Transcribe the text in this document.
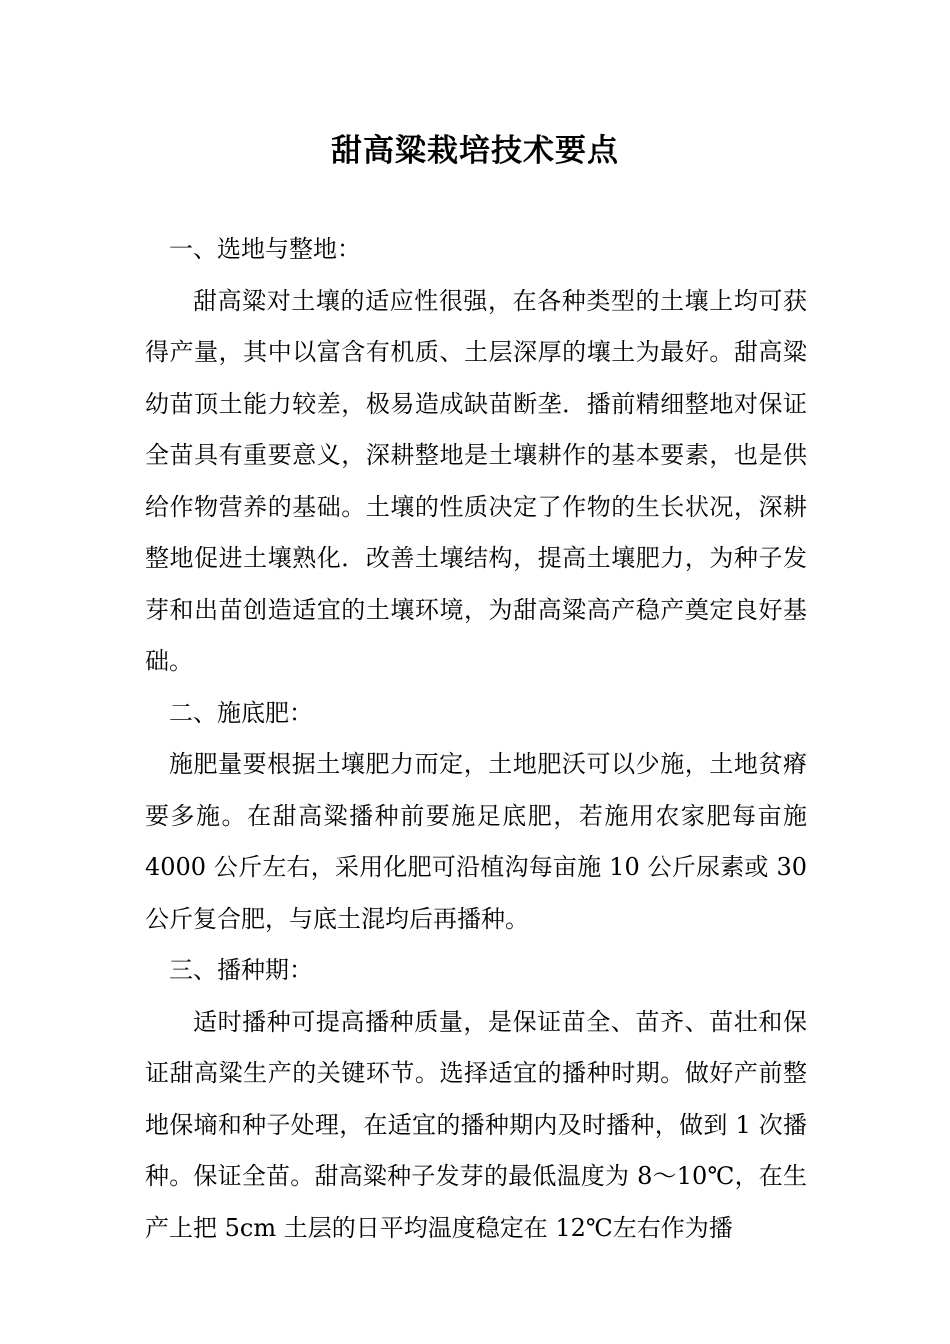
甜高粱栽培技术要点

一、选地与整地：

甜高粱对土壤的适应性很强，在各种类型的土壤上均可获得产量，其中以富含有机质、土层深厚的壤土为最好。甜高粱幼苗顶土能力较差，极易造成缺苗断垄．播前精细整地对保证全苗具有重要意义，深耕整地是土壤耕作的基本要素，也是供给作物营养的基础。土壤的性质决定了作物的生长状况，深耕整地促进土壤熟化．改善土壤结构，提高土壤肥力，为种子发芽和出苗创造适宜的土壤环境，为甜高粱高产稳产奠定良好基础。

二、施底肥：

施肥量要根据土壤肥力而定，土地肥沃可以少施，土地贫瘠要多施。在甜高粱播种前要施足底肥，若施用农家肥每亩施 4000 公斤左右，采用化肥可沿植沟每亩施 10 公斤尿素或 30 公斤复合肥，与底土混均后再播种。

三、播种期：

适时播种可提高播种质量，是保证苗全、苗齐、苗壮和保证甜高粱生产的关键环节。选择适宜的播种时期。做好产前整地保墒和种子处理，在适宜的播种期内及时播种，做到 1 次播种。保证全苗。甜高粱种子发芽的最低温度为 8～10℃，在生产上把 5cm 土层的日平均温度稳定在 12℃左右作为播
